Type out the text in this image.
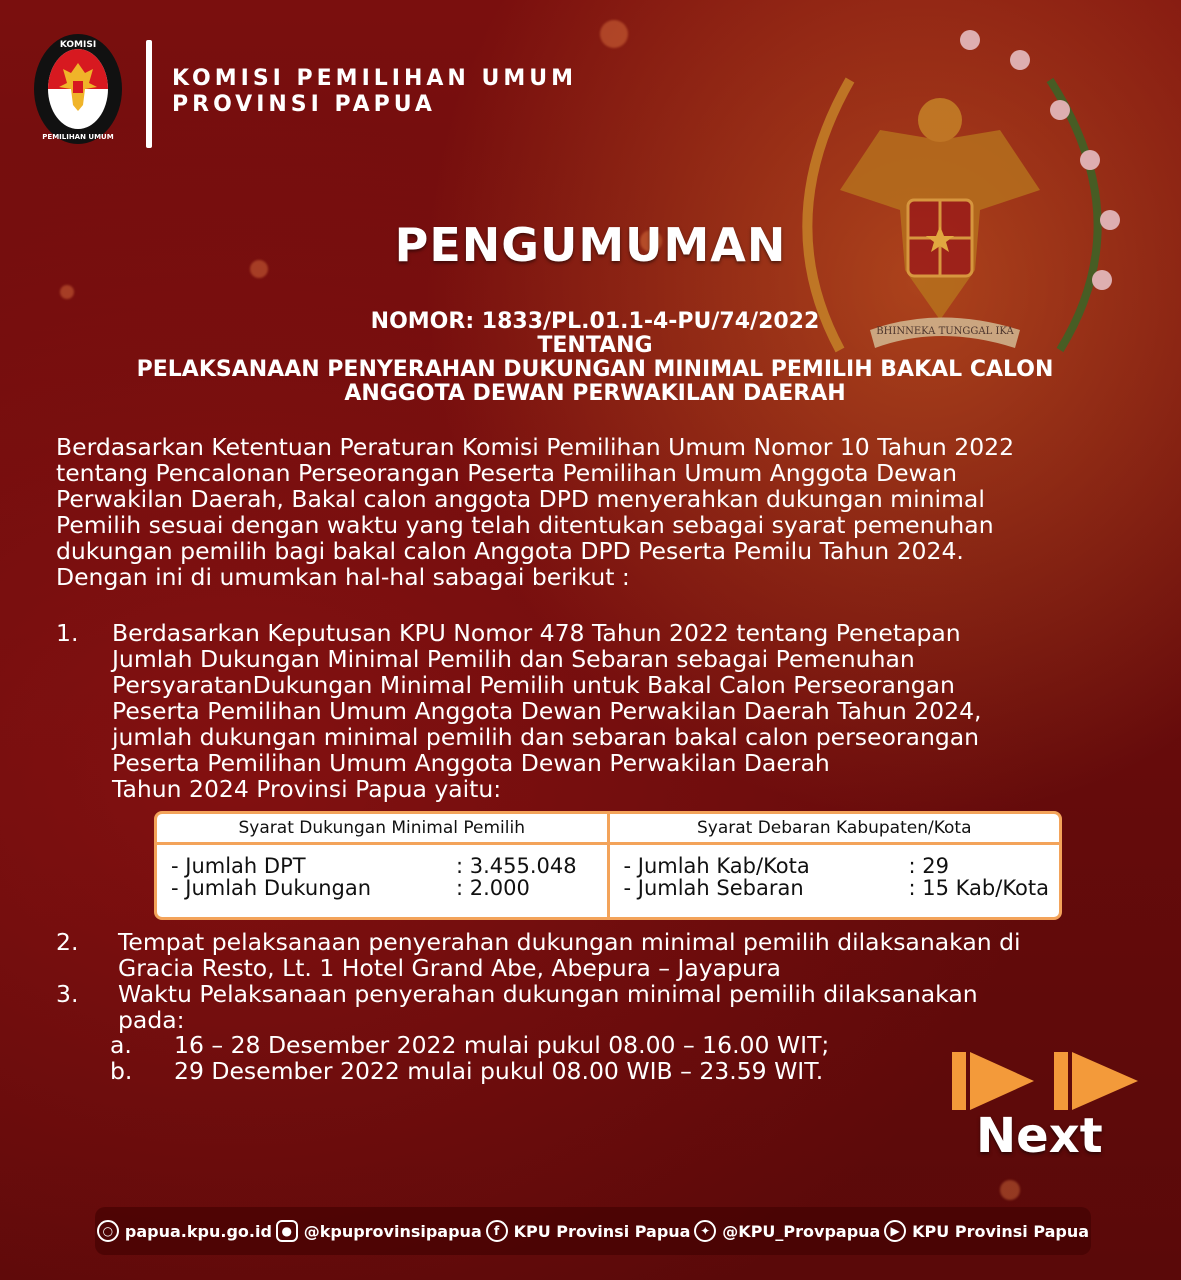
KOMISI
PEMILIHAN UMUM
KOMISI PEMILIHAN UMUM
PROVINSI PAPUA
BHINNEKA TUNGGAL IKA
PENGUMUMAN
NOMOR: 1833/PL.01.1-4-PU/74/2022
TENTANG
PELAKSANAAN PENYERAHAN DUKUNGAN MINIMAL PEMILIH BAKAL CALON
ANGGOTA DEWAN PERWAKILAN DAERAH
Berdasarkan Ketentuan Peraturan Komisi Pemilihan Umum Nomor 10 Tahun 2022
tentang Pencalonan Perseorangan Peserta Pemilihan Umum Anggota Dewan
Perwakilan Daerah, Bakal calon anggota DPD menyerahkan dukungan minimal
Pemilih sesuai dengan waktu yang telah ditentukan sebagai syarat pemenuhan
dukungan pemilih bagi bakal calon Anggota DPD Peserta Pemilu Tahun 2024.
Dengan ini di umumkan hal-hal sabagai berikut :
1. Berdasarkan Keputusan KPU Nomor 478 Tahun 2022 tentang Penetapan
Jumlah Dukungan Minimal Pemilih dan Sebaran sebagai Pemenuhan
PersyaratanDukungan Minimal Pemilih untuk Bakal Calon Perseorangan
Peserta Pemilihan Umum Anggota Dewan Perwakilan Daerah Tahun 2024,
jumlah dukungan minimal pemilih dan sebaran bakal calon perseorangan
Peserta Pemilihan Umum Anggota Dewan Perwakilan Daerah
Tahun 2024 Provinsi Papua yaitu:
Syarat Dukungan Minimal Pemilih
- Jumlah DPT	: 3.455.048
- Jumlah Dukungan	: 2.000
Syarat Debaran Kabupaten/Kota
- Jumlah Kab/Kota	: 29
- Jumlah Sebaran	: 15 Kab/Kota
2. Tempat pelaksanaan penyerahan dukungan minimal pemilih dilaksanakan di
Gracia Resto, Lt. 1 Hotel Grand Abe, Abepura – Jayapura
3. Waktu Pelaksanaan penyerahan dukungan minimal pemilih dilaksanakan
pada:
a. 16 – 28 Desember 2022 mulai pukul 08.00 – 16.00 WIT;
b. 29 Desember 2022 mulai pukul 08.00 WIB – 23.59 WIT.
Next
○ papua.kpu.go.id ● @kpuprovinsipapua	f KPU Provinsi Papua ✦ @KPU_Provpapua ▶ KPU Provinsi Papua
